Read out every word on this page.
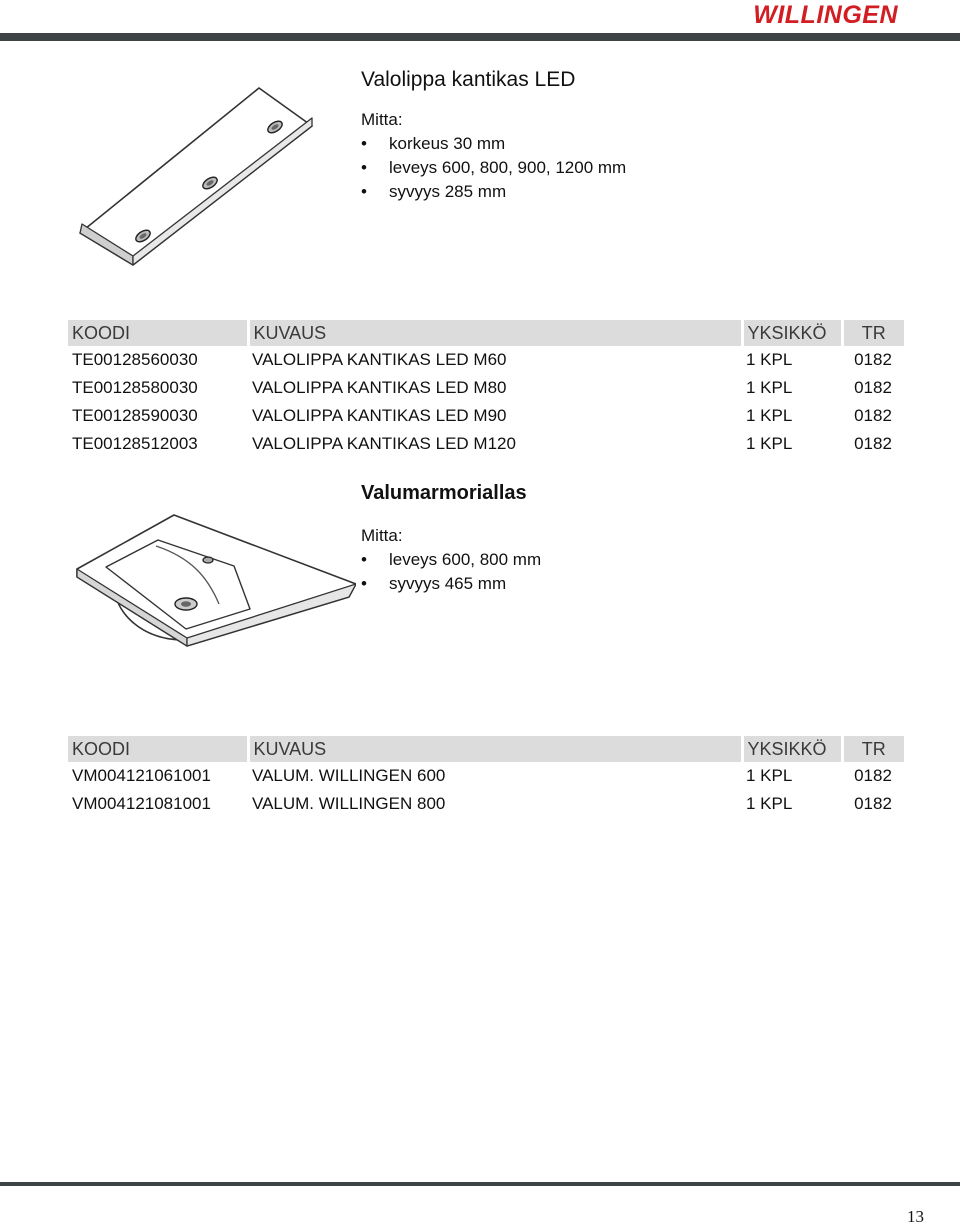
WILLINGEN
Valolippa kantikas LED
Mitta:
• korkeus 30 mm
• leveys 600, 800, 900, 1200 mm
• syvyys 285 mm
KOODI	KUVAUS	YKSIKKÖ	TR
TE00128560030	VALOLIPPA KANTIKAS LED M60	1 KPL	0182
TE00128580030	VALOLIPPA KANTIKAS LED M80	1 KPL	0182
TE00128590030	VALOLIPPA KANTIKAS LED M90	1 KPL	0182
TE00128512003	VALOLIPPA KANTIKAS LED M120	1 KPL	0182
Valumarmoriallas
Mitta:
• leveys 600, 800 mm
• syvyys 465 mm
KOODI	KUVAUS	YKSIKKÖ	TR
VM004121061001	VALUM. WILLINGEN 600	1 KPL	0182
VM004121081001	VALUM. WILLINGEN 800	1 KPL	0182
13
